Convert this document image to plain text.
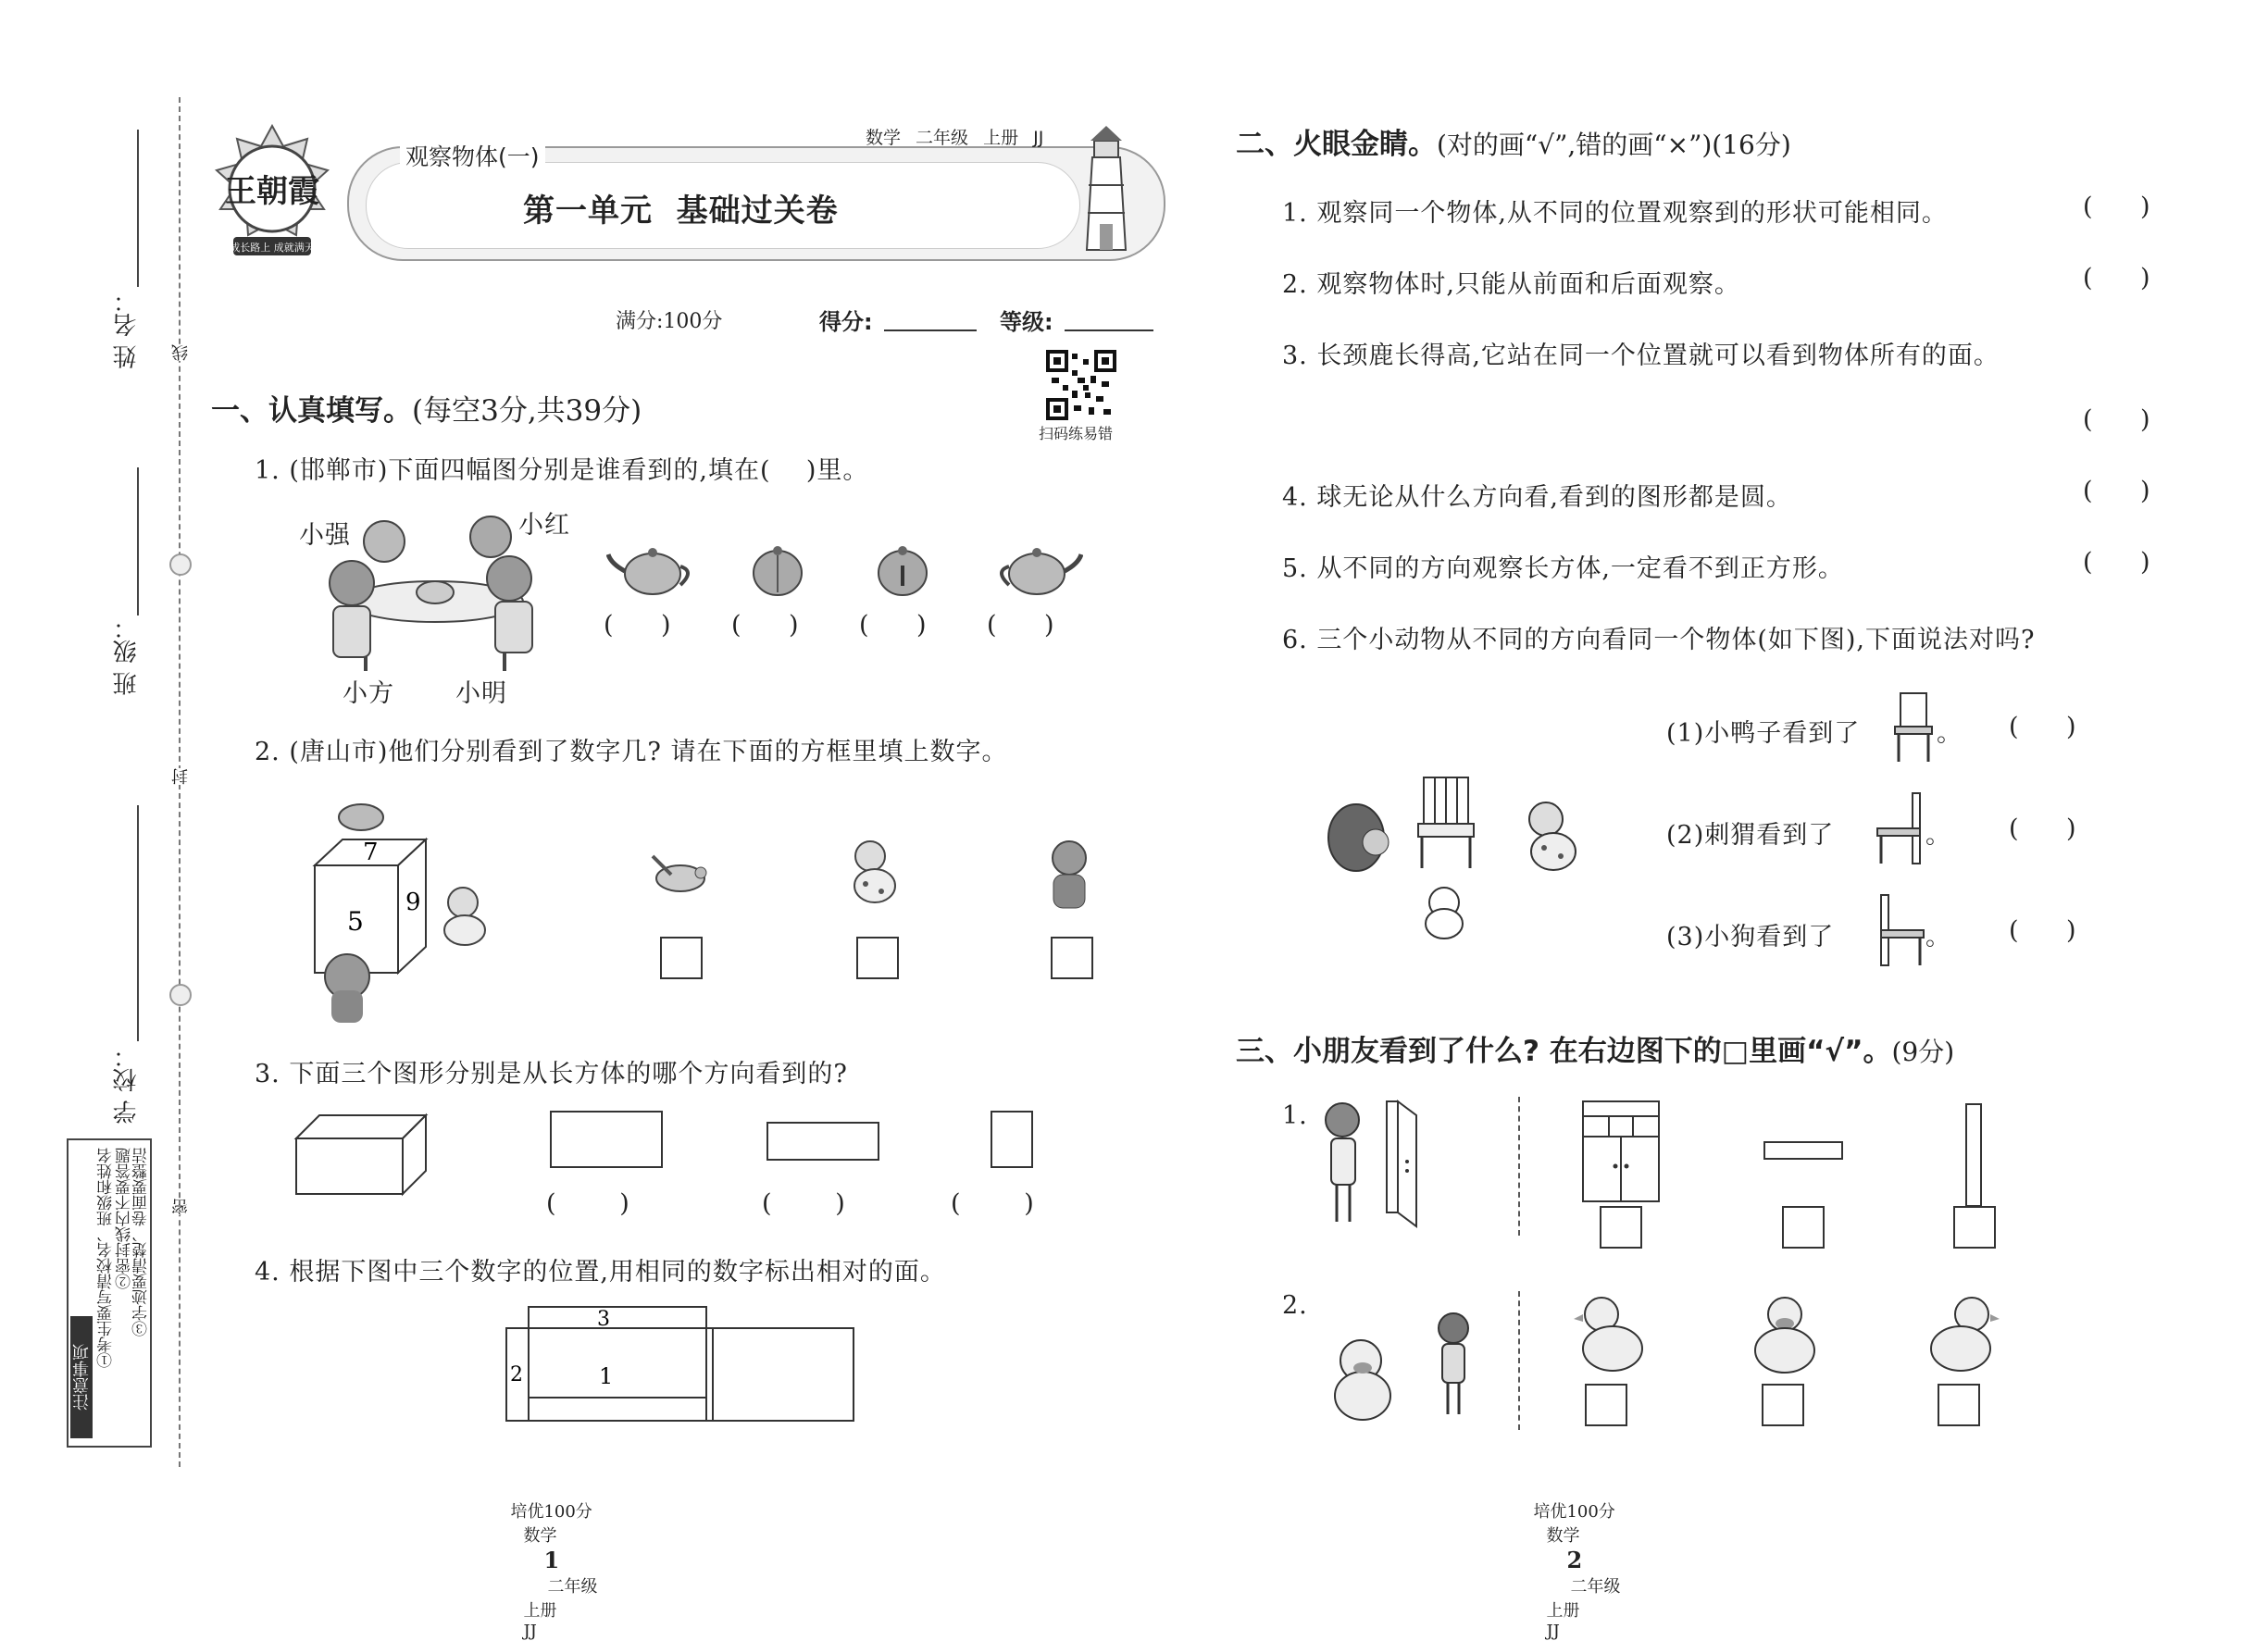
姓 名：
班 级：
学 校：
线
封
密
注意事项
①考生要写清校名、班级和姓名 ②密封线内不要答题
③字迹要清楚、卷面要整洁
王朝霞
成长路上 成就满天
观察物体(一)
数学 二年级 上册 JJ
第一单元  基础过关卷
满分:100分	得分:	等级:
扫码练易错
一、认真填写。(每空3分,共39分)
1. (邯郸市)下面四幅图分别是谁看到的,填在(    )里。
小强	小红
小方 小明
(      ) (      ) (      ) (      )
2. (唐山市)他们分别看到了数字几? 请在下面的方框里填上数字。
7
5
9
3. 下面三个图形分别是从长方体的哪个方向看到的?
(        )	(        )	(        )
4. 根据下图中三个数字的位置,用相同的数字标出相对的面。
3
2	1

培优100分
数学
1
二年级
上册
JJ

二、火眼金睛。(对的画“√”,错的画“×”)(16分)
1. 观察同一个物体,从不同的位置观察到的形状可能相同。	(      )
2. 观察物体时,只能从前面和后面观察。	(      )
3. 长颈鹿长得高,它站在同一个位置就可以看到物体所有的面。
(      )
4. 球无论从什么方向看,看到的图形都是圆。	(      )
5. 从不同的方向观察长方体,一定看不到正方形。	(      )
6. 三个小动物从不同的方向看同一个物体(如下图),下面说法对吗?
(1)小鸭子看到了	。 (      )
(2)刺猬看到了	。 (      )
(3)小狗看到了	。 (      )
三、小朋友看到了什么? 在右边图下的□里画“√”。(9分)
1.
2.

培优100分
数学
2
二年级
上册
JJ
